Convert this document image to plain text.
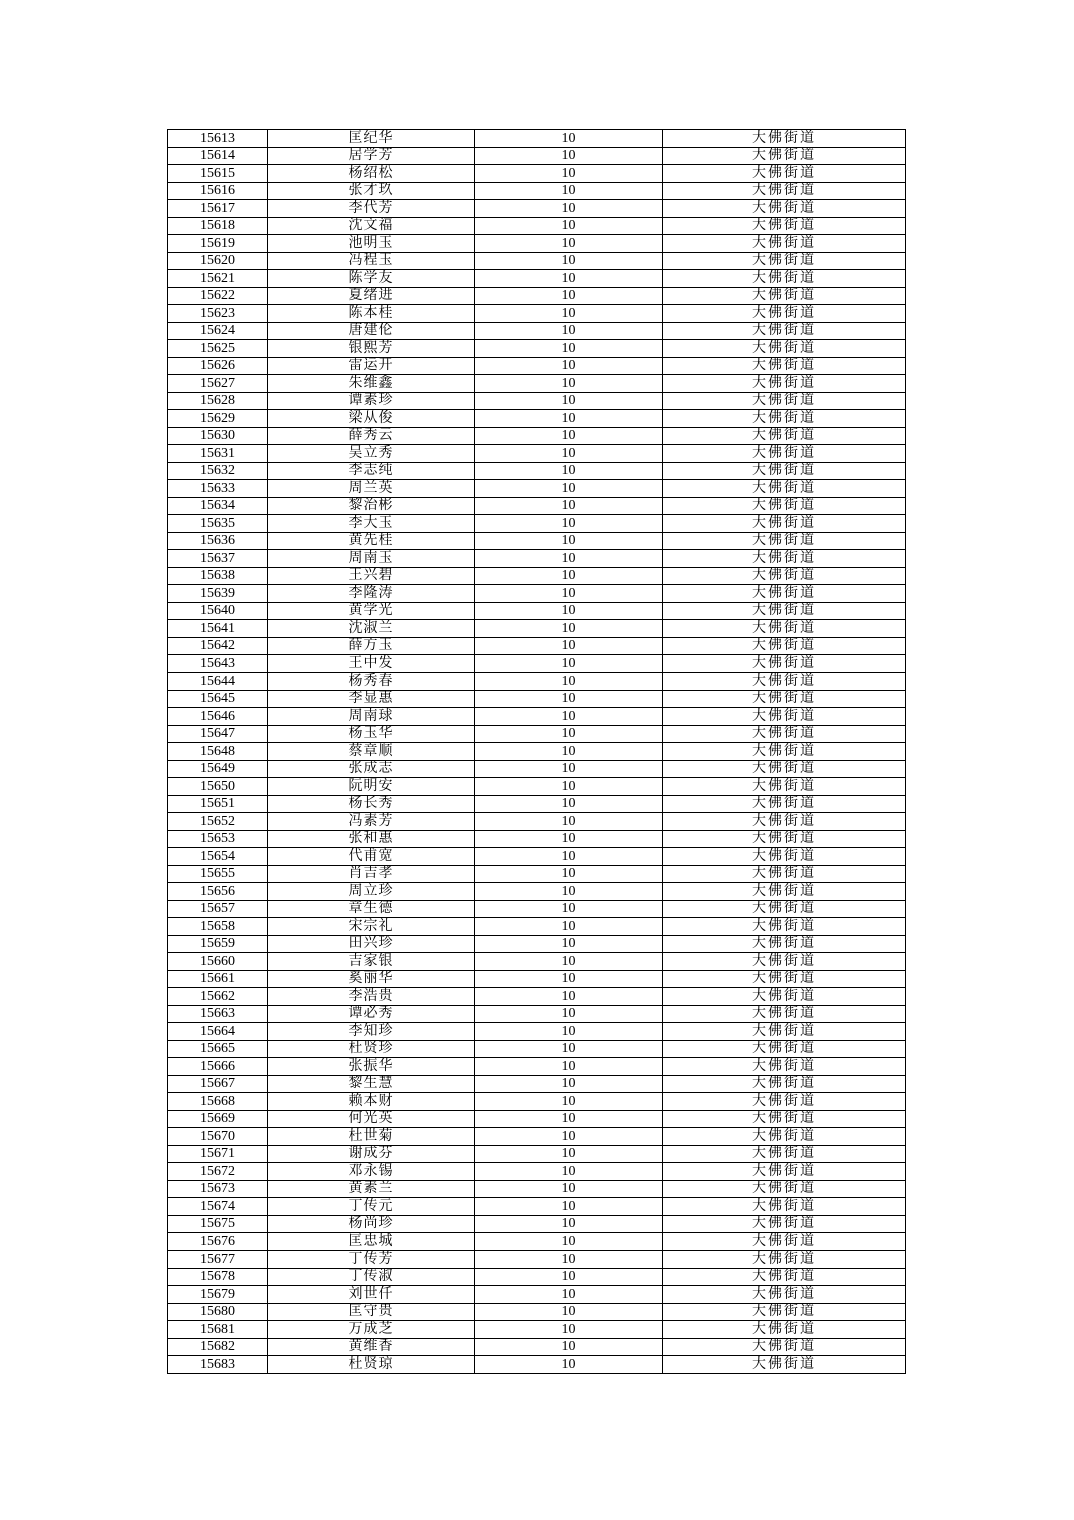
15613	匡纪华	10	大佛街道
15614	居学芳	10	大佛街道
15615	杨绍松	10	大佛街道
15616	张才玖	10	大佛街道
15617	李代芳	10	大佛街道
15618	沈文福	10	大佛街道
15619	池明玉	10	大佛街道
15620	冯程玉	10	大佛街道
15621	陈学友	10	大佛街道
15622	夏绪进	10	大佛街道
15623	陈本桂	10	大佛街道
15624	唐建伦	10	大佛街道
15625	银熙芳	10	大佛街道
15626	雷运开	10	大佛街道
15627	朱维鑫	10	大佛街道
15628	谭素珍	10	大佛街道
15629	梁从俊	10	大佛街道
15630	薛秀云	10	大佛街道
15631	吴立秀	10	大佛街道
15632	李志纯	10	大佛街道
15633	周兰英	10	大佛街道
15634	黎治彬	10	大佛街道
15635	李大玉	10	大佛街道
15636	黄先桂	10	大佛街道
15637	周南玉	10	大佛街道
15638	王兴碧	10	大佛街道
15639	李隆涛	10	大佛街道
15640	黄学光	10	大佛街道
15641	沈淑兰	10	大佛街道
15642	薛方玉	10	大佛街道
15643	王中发	10	大佛街道
15644	杨秀春	10	大佛街道
15645	李显惠	10	大佛街道
15646	周南球	10	大佛街道
15647	杨玉华	10	大佛街道
15648	蔡章顺	10	大佛街道
15649	张成志	10	大佛街道
15650	阮明安	10	大佛街道
15651	杨长秀	10	大佛街道
15652	冯素芳	10	大佛街道
15653	张和惠	10	大佛街道
15654	代甫宽	10	大佛街道
15655	肖吉孝	10	大佛街道
15656	周立珍	10	大佛街道
15657	章生德	10	大佛街道
15658	宋宗礼	10	大佛街道
15659	田兴珍	10	大佛街道
15660	吉家银	10	大佛街道
15661	奚丽华	10	大佛街道
15662	李浩贵	10	大佛街道
15663	谭必秀	10	大佛街道
15664	李知珍	10	大佛街道
15665	杜贤珍	10	大佛街道
15666	张振华	10	大佛街道
15667	黎生慧	10	大佛街道
15668	赖本财	10	大佛街道
15669	何光英	10	大佛街道
15670	杜世菊	10	大佛街道
15671	谢成芬	10	大佛街道
15672	邓永锡	10	大佛街道
15673	黄素兰	10	大佛街道
15674	丁传元	10	大佛街道
15675	杨尚珍	10	大佛街道
15676	匡忠城	10	大佛街道
15677	丁传芳	10	大佛街道
15678	丁传淑	10	大佛街道
15679	刘世仟	10	大佛街道
15680	匡守贵	10	大佛街道
15681	万成芝	10	大佛街道
15682	黄维香	10	大佛街道
15683	杜贤琼	10	大佛街道
